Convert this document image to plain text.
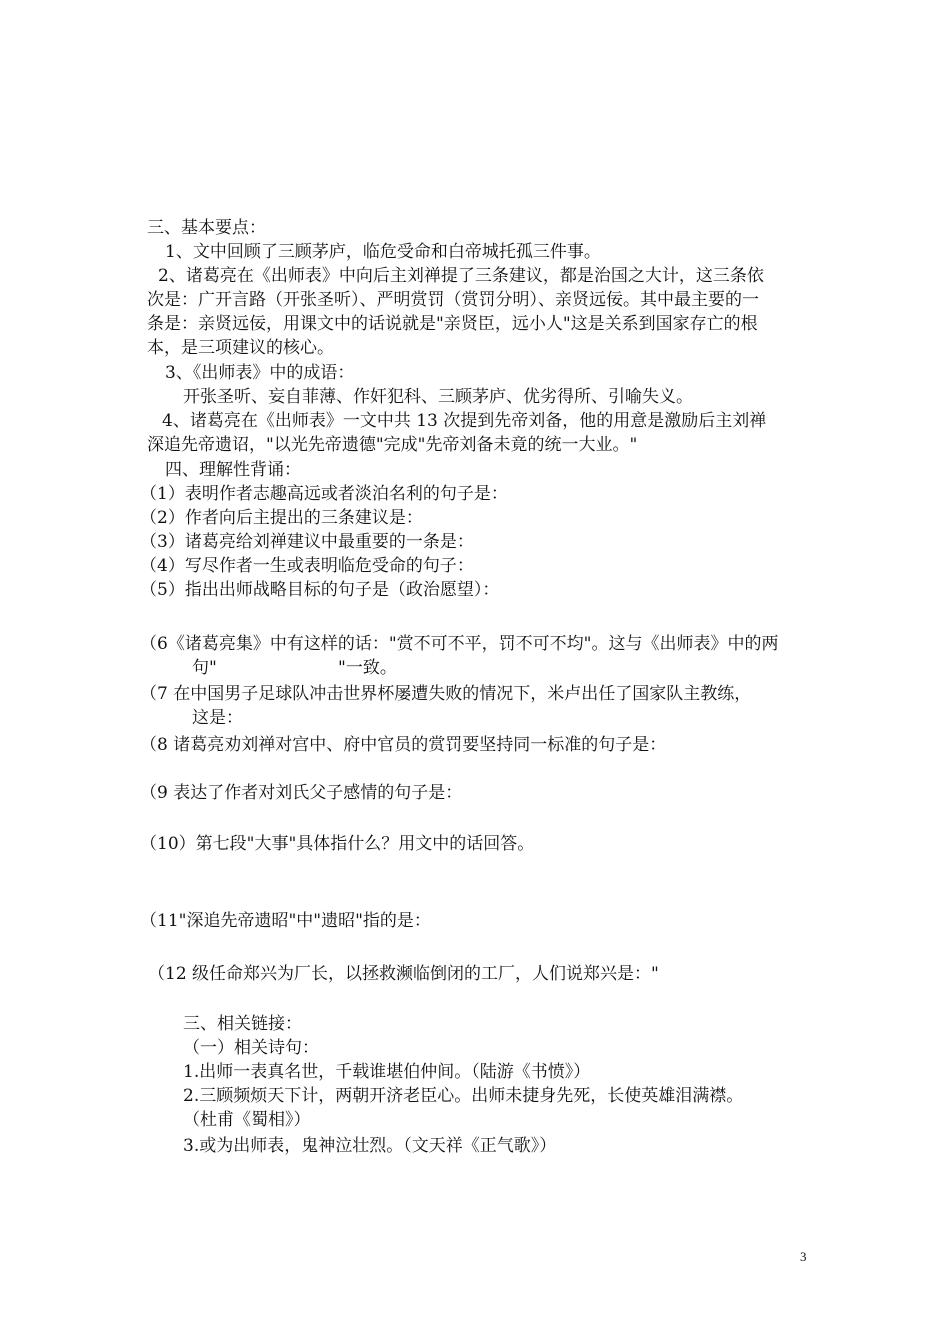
三、基本要点：
1、文中回顾了三顾茅庐，临危受命和白帝城托孤三件事。
2、诸葛亮在《出师表》中向后主刘禅提了三条建议，都是治国之大计，这三条依
次是：广开言路（开张圣听）、严明赏罚（赏罚分明）、亲贤远佞。其中最主要的一
条是：亲贤远佞，用课文中的话说就是"亲贤臣，远小人"这是关系到国家存亡的根
本，是三项建议的核心。
3、《出师表》中的成语：
开张圣听、妄自菲薄、作奸犯科、三顾茅庐、优劣得所、引喻失义。
4、诸葛亮在《出师表》一文中共 13 次提到先帝刘备，他的用意是激励后主刘禅
深追先帝遗诏，"以光先帝遗德"完成"先帝刘备未竟的统一大业。"
四、理解性背诵：
（1）表明作者志趣高远或者淡泊名利的句子是：
（2）作者向后主提出的三条建议是：
（3）诸葛亮给刘禅建议中最重要的一条是：
（4）写尽作者一生或表明临危受命的句子：
（5）指出出师战略目标的句子是（政治愿望）：
（6《诸葛亮集》中有这样的话："赏不可不平，罚不可不均"。这与《出师表》中的两
句"	"一致。
（7 在中国男子足球队冲击世界杯屡遭失败的情况下，米卢出任了国家队主教练，
这是：
（8 诸葛亮劝刘禅对宫中、府中官员的赏罚要坚持同一标准的句子是：
（9 表达了作者对刘氏父子感情的句子是：
（10）第七段"大事"具体指什么？用文中的话回答。
（11"深追先帝遗昭"中"遗昭"指的是：
（12 级任命郑兴为厂长，以拯救濒临倒闭的工厂，人们说郑兴是："
三、相关链接：
（一）相关诗句：
1.出师一表真名世，千载谁堪伯仲间。（陆游《书愤》）
2.三顾频烦天下计，两朝开济老臣心。出师未捷身先死，长使英雄泪满襟。
（杜甫《蜀相》）
3.或为出师表，鬼神泣壮烈。（文天祥《正气歌》）
3
